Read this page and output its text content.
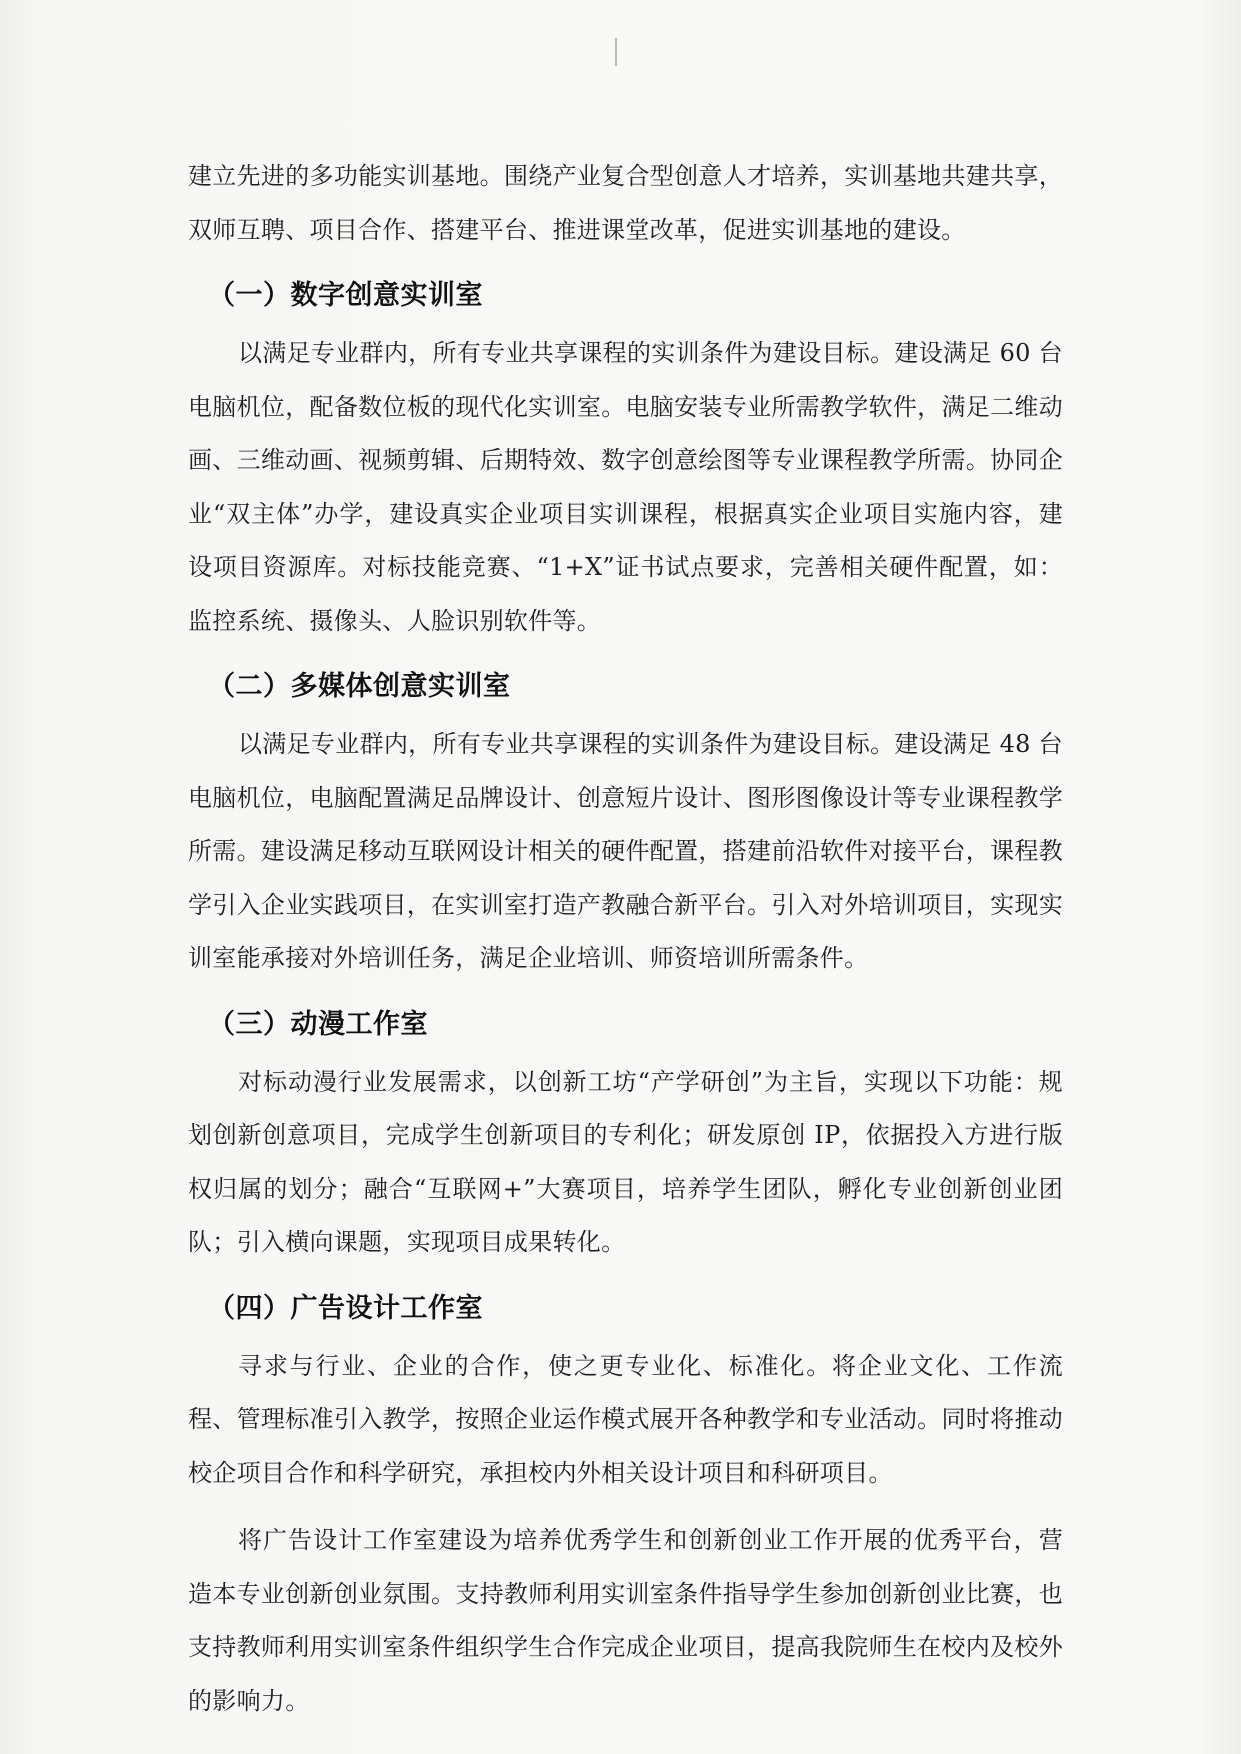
建立先进的多功能实训基地。围绕产业复合型创意人才培养，实训基地共建共享，双师互聘、项目合作、搭建平台、推进课堂改革，促进实训基地的建设。

（一）数字创意实训室

以满足专业群内，所有专业共享课程的实训条件为建设目标。建设满足 60 台电脑机位，配备数位板的现代化实训室。电脑安装专业所需教学软件，满足二维动画、三维动画、视频剪辑、后期特效、数字创意绘图等专业课程教学所需。协同企业“双主体”办学，建设真实企业项目实训课程，根据真实企业项目实施内容，建设项目资源库。对标技能竞赛、“1+X”证书试点要求，完善相关硬件配置，如：监控系统、摄像头、人脸识别软件等。

（二）多媒体创意实训室

以满足专业群内，所有专业共享课程的实训条件为建设目标。建设满足 48 台电脑机位，电脑配置满足品牌设计、创意短片设计、图形图像设计等专业课程教学所需。建设满足移动互联网设计相关的硬件配置，搭建前沿软件对接平台，课程教学引入企业实践项目，在实训室打造产教融合新平台。引入对外培训项目，实现实训室能承接对外培训任务，满足企业培训、师资培训所需条件。

（三）动漫工作室

对标动漫行业发展需求，以创新工坊“产学研创”为主旨，实现以下功能：规划创新创意项目，完成学生创新项目的专利化；研发原创 IP，依据投入方进行版权归属的划分；融合“互联网+”大赛项目，培养学生团队，孵化专业创新创业团队；引入横向课题，实现项目成果转化。

（四）广告设计工作室

寻求与行业、企业的合作，使之更专业化、标准化。将企业文化、工作流程、管理标准引入教学，按照企业运作模式展开各种教学和专业活动。同时将推动校企项目合作和科学研究，承担校内外相关设计项目和科研项目。

将广告设计工作室建设为培养优秀学生和创新创业工作开展的优秀平台，营造本专业创新创业氛围。支持教师利用实训室条件指导学生参加创新创业比赛，也支持教师利用实训室条件组织学生合作完成企业项目，提高我院师生在校内及校外的影响力。
